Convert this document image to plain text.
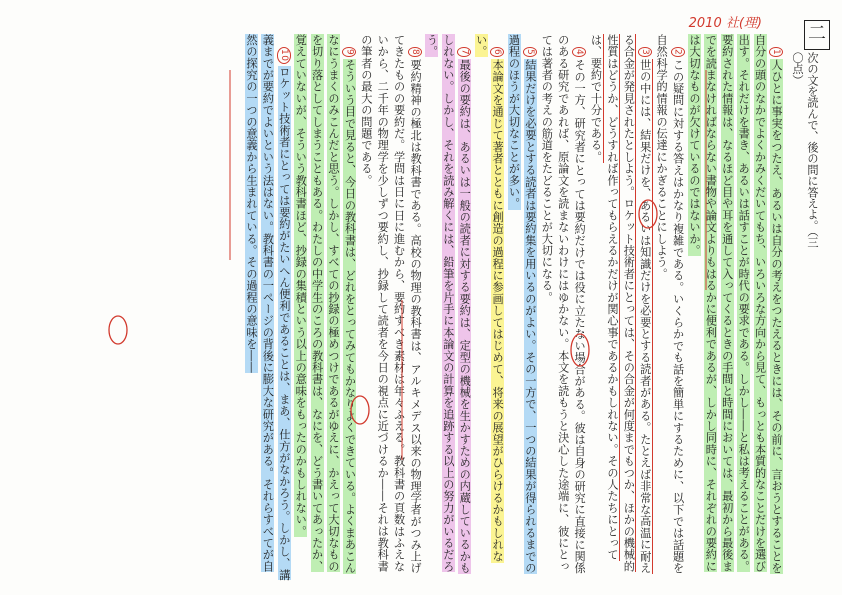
二
2010 社(理)
次の文を読んで、後の問に答えよ。（三〇点）

1人ひとに事実をつたえ、あるいは自分の考えをつたえるときには、その前に、言おうとすることを自分の頭のなかでよくかみくだいてもち、いろいろな方向から見て、もっとも本質的なことだけを選び出す。それだけを書き、あるいは話すことが時代の要求である。しかし――と私は考えることがある。要約された情報は、なるほど目や耳を通して入ってくるときの手間と時間においては、最初から最後までを読まなければならない書物や論文よりもはるかに便利であるが、しかし同時に、それぞれの要約には大切なものが欠けているのではないか。

2この疑問に対する答えはかなり複雑である。いくらかでも話を簡単にするために、以下では話題を自然科学的情報の伝達にかぎることにしよう。

3世の中には、結果だけを、あるいは知識だけを必要とする読者がある。たとえば非常な高温に耐える合金が発見されたとしよう。ロケット技術者にとっては、その合金が何度までもつか、ほかの機械的性質はどうか、どうすれば作ってもらえるかだけが関心事であるかもしれない。その人たちにとっては、要約で十分である。

4その一方、研究者にとっては要約だけでは役に立たない場合がある。彼は自身の研究に直接に関係のある研究であれば、原論文を読まないわけにはゆかない。本文を読もうと決心した途端に、彼にとっては著者の考えの筋道をたどることが大切になる。

5結果だけを必要とする読者は要約集を用いるのがよい。その一方で、一つの結果が得られるまでの過程のほうが大切なことが多い。

6本論文を通じて著者とともに創造の過程に参画してはじめて、将来の展望がひらけるかもしれない。

7最後の要約は、あるいは一般の読者に対する要約は、定型の機械を生かすための内蔵しているかもしれない。しかし、それを読み解くには、鉛筆を片手に本論文の計算を追跡する以上の努力がいるだろう。

8要約精神の極北は教科書である。高校の物理の教科書は、アルキメデス以来の物理学者がつみ上げてきたものの要約だ。学問は日に日に進むから、要約すべき素材は年々ふえる。教科書の頁数はふえないから、二千年の物理学を少しずつ要約し、抄録して読者を今日の視点に近づけるか――それは教科書の筆者の最大の問題である。

9そういう目で見ると、今日の教科書は、どれをとってみてもかなりよくできている。よくまあこんなにうまくのみこんだと思う。しかし、すべての抄録の極めつけであるがゆえに、かえって大切なものを切り落としてしまうこともある。わたしの中学生のころの教科書は、なにを、どう書いてあったか、覚えていないが、そういう教科書ほど、抄録の集積という以上の意味をもったのかもしれない。

10ロケット技術者にとっては要約がたいへん便利であることは、まあ、仕方がなかろう。しかし、講義までが要約でよいという法はない。教科書の一ページの背後に膨大な研究がある。それらすべてが自然の探究の一つの意義から生まれている。その過程の意味を――
